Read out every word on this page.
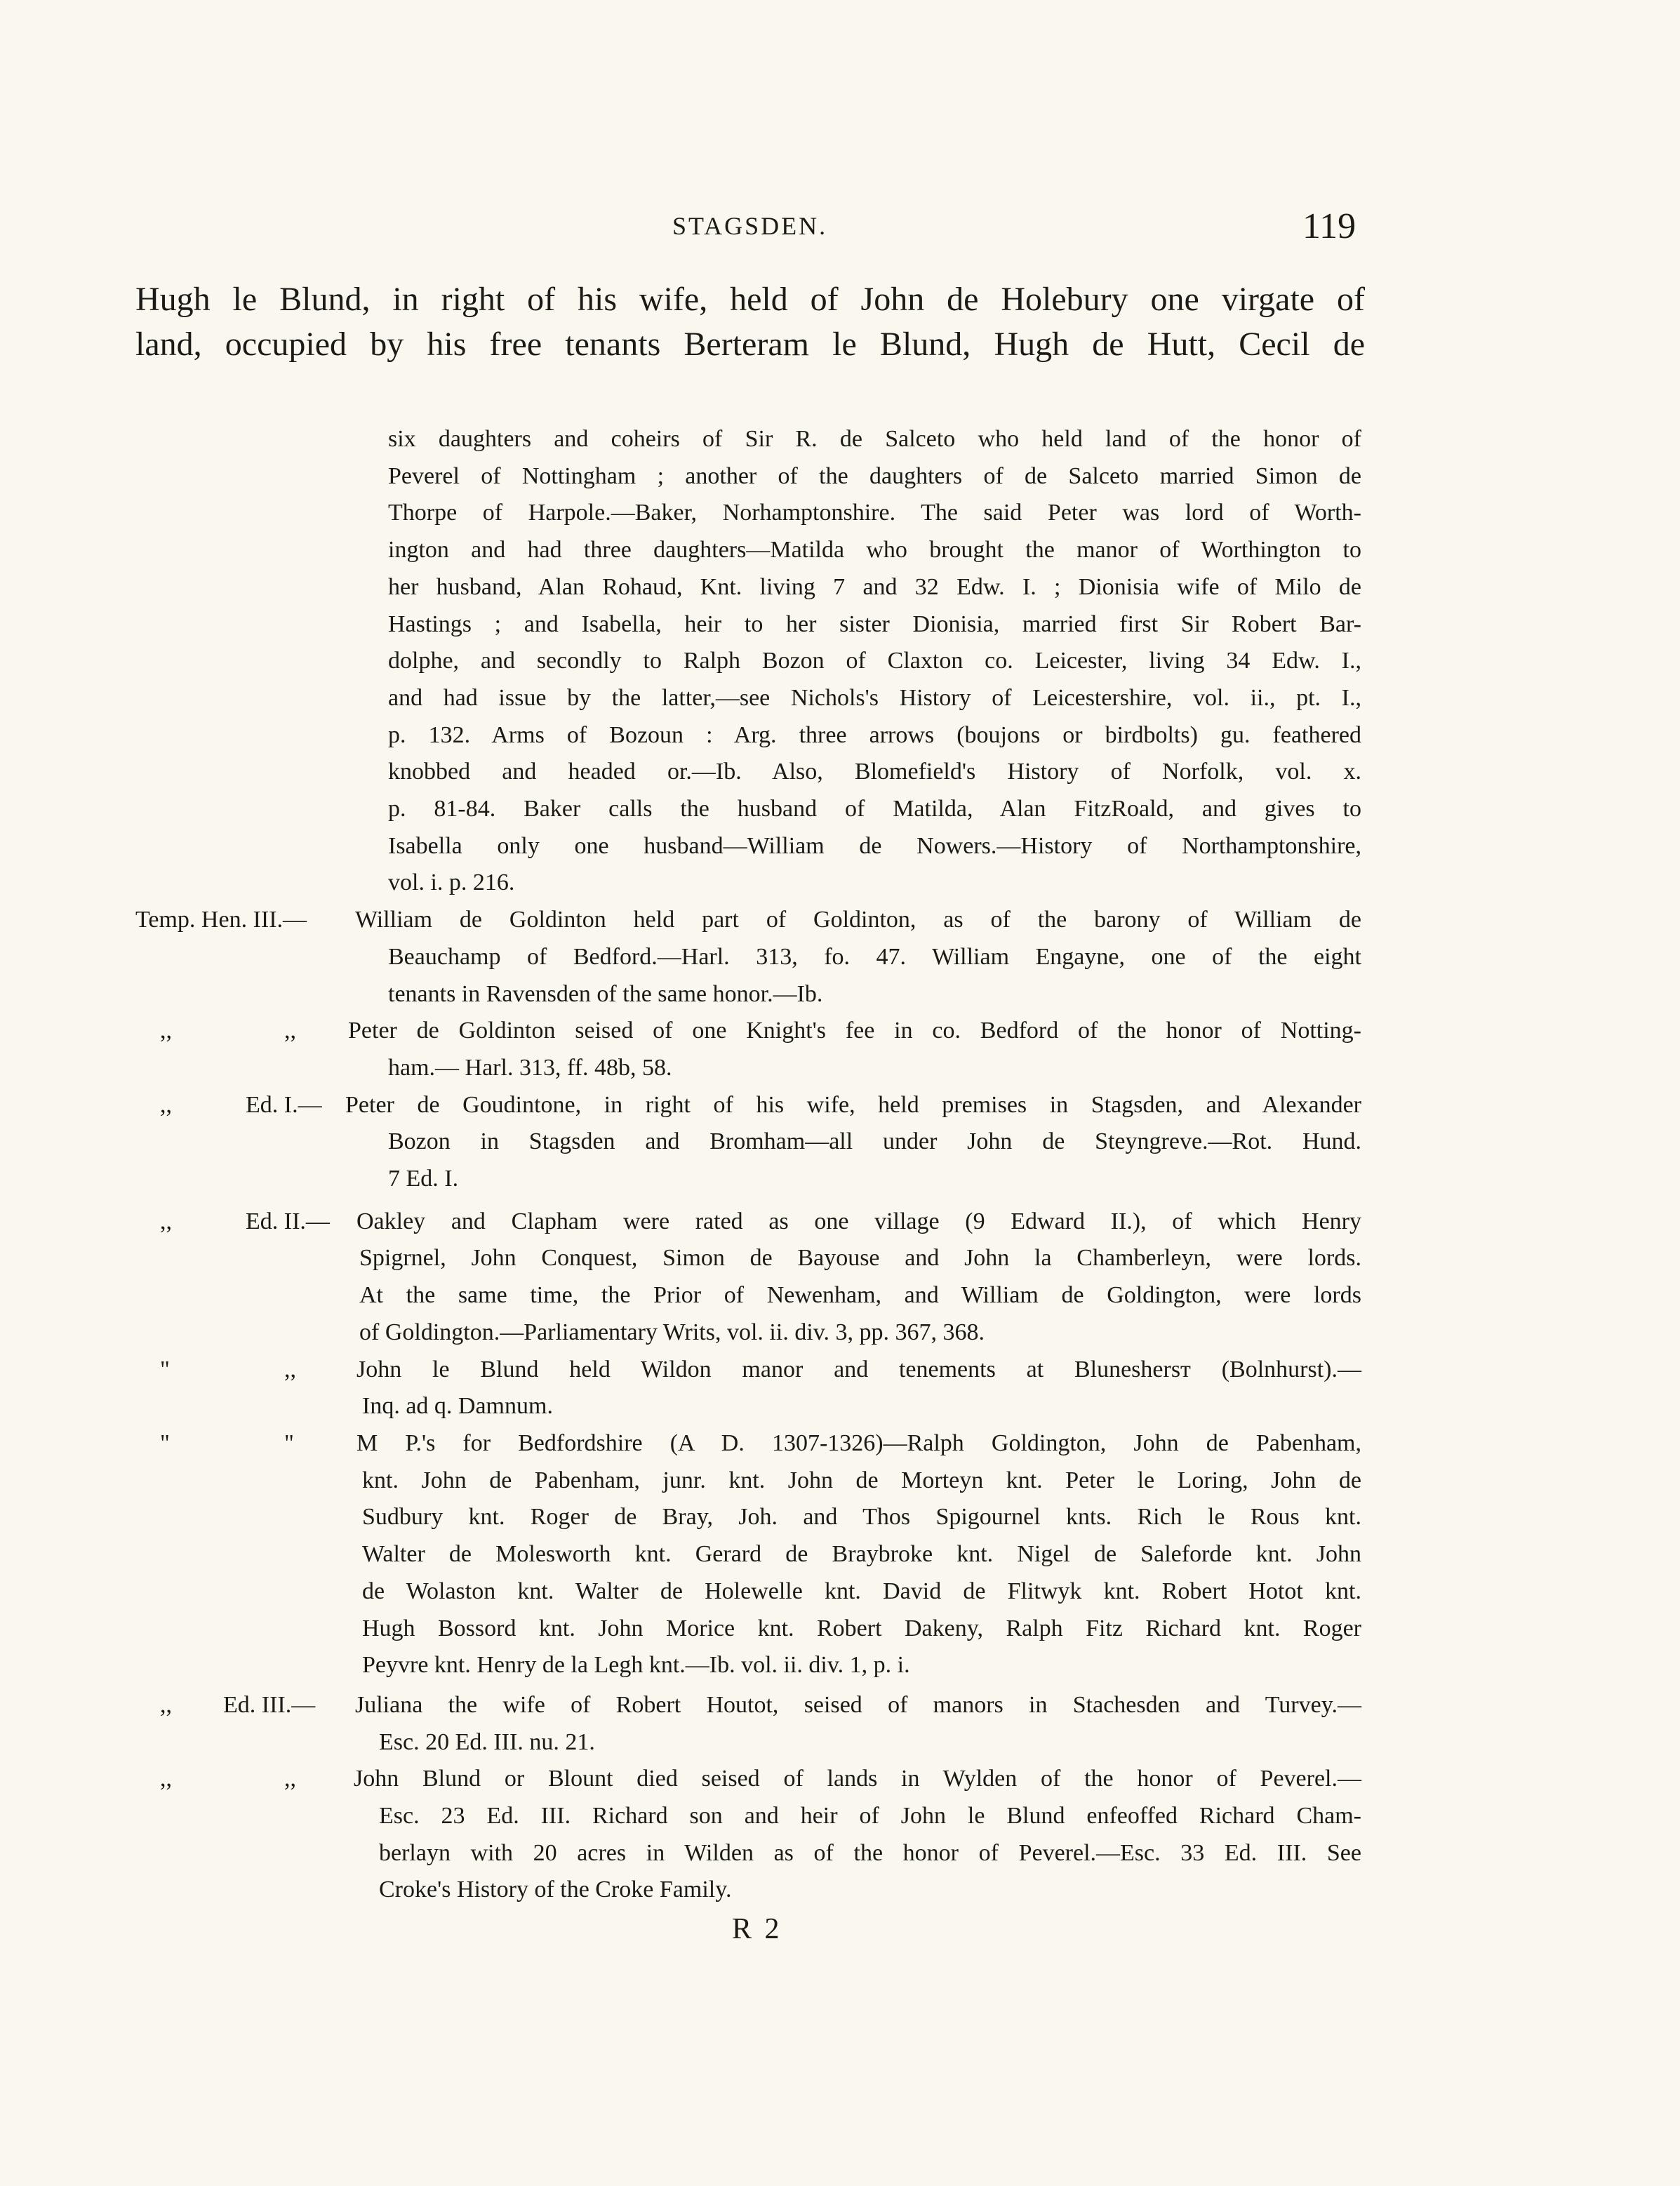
STAGSDEN.	119
Hugh le Blund, in right of his wife, held of John de Holebury one virgate of
land, occupied by his free tenants Berteram le Blund, Hugh de Hutt, Cecil de
six daughters and coheirs of Sir R. de Salceto who held land of the honor of
Peverel of Nottingham ; another of the daughters of de Salceto married Simon de
Thorpe of Harpole.—Baker, Norhamptonshire. The said Peter was lord of Worth-
ington and had three daughters—Matilda who brought the manor of Worthington to
her husband, Alan Rohaud, Knt. living 7 and 32 Edw. I. ; Dionisia wife of Milo de
Hastings ; and Isabella, heir to her sister Dionisia, married first Sir Robert Bar-
dolphe, and secondly to Ralph Bozon of Claxton co. Leicester, living 34 Edw. I.,
and had issue by the latter,—see Nichols's History of Leicestershire, vol. ii., pt. I.,
p. 132. Arms of Bozoun : Arg. three arrows (boujons or birdbolts) gu. feathered
knobbed and headed or.—Ib. Also, Blomefield's History of Norfolk, vol. x.
p. 81-84. Baker calls the husband of Matilda, Alan FitzRoald, and gives to
Isabella only one husband—William de Nowers.—History of Northamptonshire,
vol. i. p. 216.
Temp. Hen. III.— William de Goldinton held part of Goldinton, as of the barony of William de
Beauchamp of Bedford.—Harl. 313, fo. 47. William Engayne, one of the eight
tenants in Ravensden of the same honor.—Ib.
,,	,, Peter de Goldinton seised of one Knight's fee in co. Bedford of the honor of Notting-
ham.— Harl. 313, ff. 48b, 58.
,,	Ed. I.— Peter de Goudintone, in right of his wife, held premises in Stagsden, and Alexander
Bozon in Stagsden and Bromham—all under John de Steyngreve.—Rot. Hund.
7 Ed. I.
,,	Ed. II.— Oakley and Clapham were rated as one village (9 Edward II.), of which Henry
Spigrnel, John Conquest, Simon de Bayouse and John la Chamberleyn, were lords.
At the same time, the Prior of Newenham, and William de Goldington, were lords
of Goldington.—Parliamentary Writs, vol. ii. div. 3, pp. 367, 368.
"	,,	John le Blund held Wildon manor and tenements at Bluneshersт (Bolnhurst).—
Inq. ad q. Damnum.
"	"	M P.'s for Bedfordshire (A D. 1307-1326)—Ralph Goldington, John de Pabenham,
knt. John de Pabenham, junr. knt. John de Morteyn knt. Peter le Loring, John de
Sudbury knt. Roger de Bray, Joh. and Thos Spigournel knts. Rich le Rous knt.
Walter de Molesworth knt. Gerard de Braybroke knt. Nigel de Saleforde knt. John
de Wolaston knt. Walter de Holewelle knt. David de Flitwyk knt. Robert Hotot knt.
Hugh Bossord knt. John Morice knt. Robert Dakeny, Ralph Fitz Richard knt. Roger
Peyvre knt. Henry de la Legh knt.—Ib. vol. ii. div. 1, p. i.
,, Ed. III.— Juliana the wife of Robert Houtot, seised of manors in Stachesden and Turvey.—
Esc. 20 Ed. III. nu. 21.
,,	,, John Blund or Blount died seised of lands in Wylden of the honor of Peverel.—
Esc. 23 Ed. III. Richard son and heir of John le Blund enfeoffed Richard Cham-
berlayn with 20 acres in Wilden as of the honor of Peverel.—Esc. 33 Ed. III. See
Croke's History of the Croke Family.
R 2
